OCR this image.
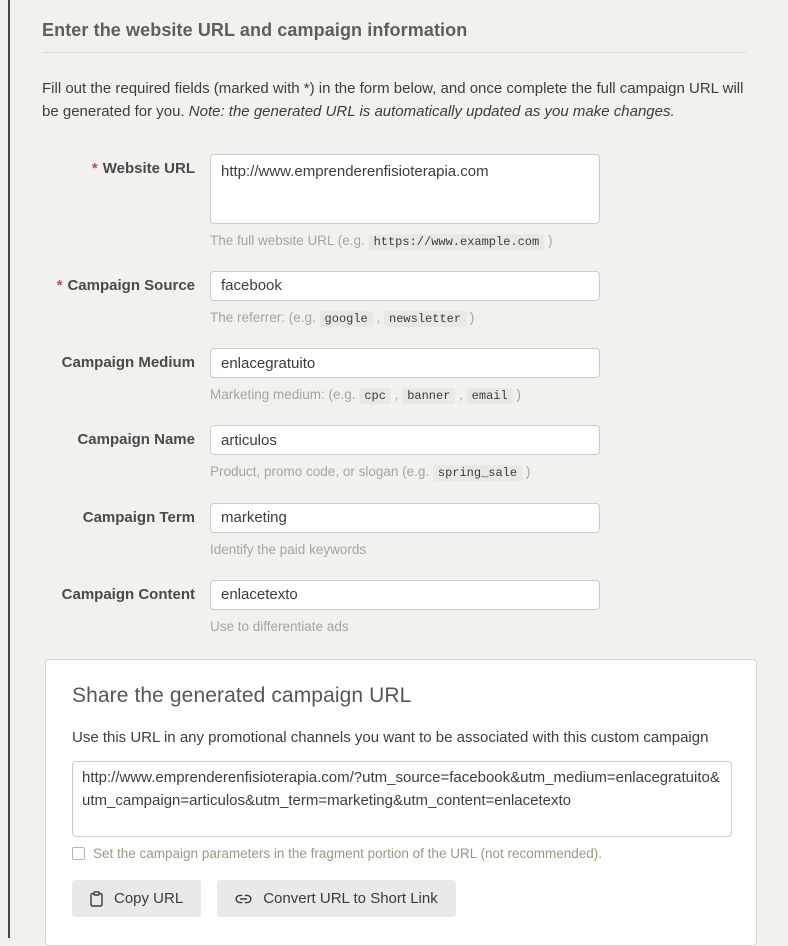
Enter the website URL and campaign information

Fill out the required fields (marked with *) in the form below, and once complete the full campaign URL will be generated for you. Note: the generated URL is automatically updated as you make changes.

* Website URL
http://www.emprenderenfisioterapia.com
The full website URL (e.g. https://www.example.com )
* Campaign Source
facebook
The referrer: (e.g. google , newsletter )
Campaign Medium
enlacegratuito
Marketing medium: (e.g. cpc , banner , email )
Campaign Name
articulos
Product, promo code, or slogan (e.g. spring_sale )
Campaign Term
marketing
Identify the paid keywords
Campaign Content
enlacetexto
Use to differentiate ads
Share the generated campaign URL

Use this URL in any promotional channels you want to be associated with this custom campaign

http://www.emprenderenfisioterapia.com/?utm_source=facebook&utm_medium=enlacegratuito&utm_campaign=articulos&utm_term=marketing&utm_content=enlacetexto
Set the campaign parameters in the fragment portion of the URL (not recommended).
Copy URL	Convert URL to Short Link
